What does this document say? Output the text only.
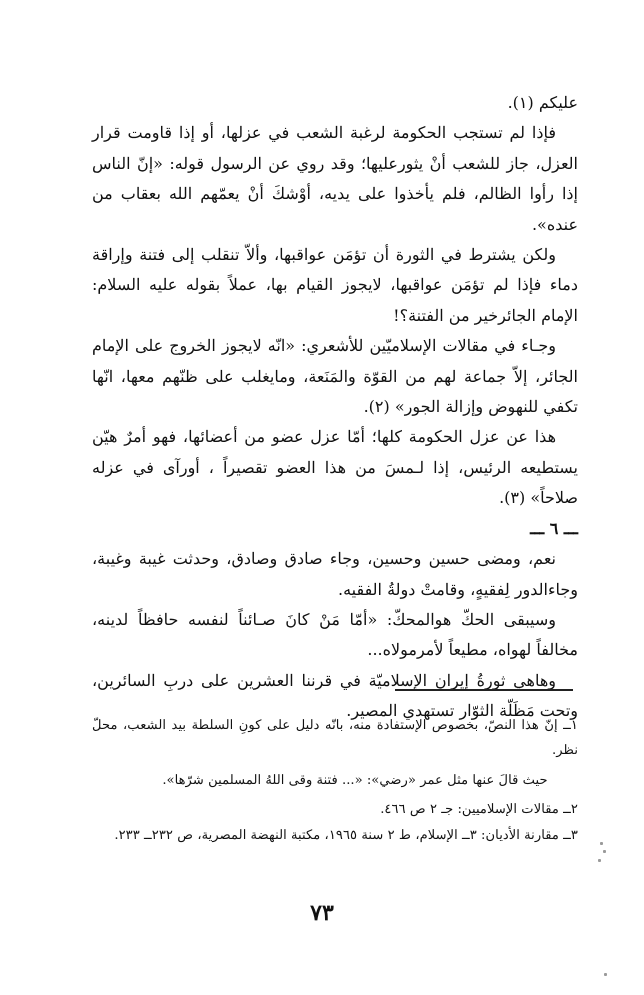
عليكم (١).

فإذا لم تستجب الحكومة لرغبة الشعب في عزلها، أو إذا قاومت قرار العزل، جاز للشعب أنْ يثورعليها؛ وقد روي عن الرسول قوله: «إنّ الناس إذا رأوا الظالم، فلم يأخذوا على يديه، أوْشكَ أنْ يعمّهم الله بعقاب من عنده».

ولكن يشترط في الثورة أن تؤمَن عواقبها، وألاّ تنقلب إلى فتنة وإراقة دماء فإذا لم تؤمَن عواقبها، لايجوز القيام بها، عملاً بقوله عليه السلام: الإمام الجائرخير من الفتنة؟!

وجـاء في مقالات الإسلاميّين للأشعري: «انّه لايجوز الخروج على الإمام الجائر، إلاّ جماعة لهم من القوّة والمَنَعة، ومايغلب على ظنّهم معها، انّها تكفي للنهوض وإزالة الجور» (٢).

هذا عن عزل الحكومة كلها؛ أمّا عزل عضو من أعضائها، فهو أمرٌ هيّن يستطيعه الرئيس، إذا لـمسَ من هذا العضو تقصيراً ، أورآى في عزله صلاحاً» (٣).

ـــ ٦ ـــ

نعم، ومضى حسين وحسين، وجاء صادق وصادق، وحدثت غيبة وغيبة، وجاءالدور لِفقيهٍ، وقامتْ دولةُ الفقيه.

وسيبقى الحكّ هوالمحكّ: «أمّا مَنْ كانَ صـائناً لنفسه حافظاً لدينه، مخالفاً لهواه، مطيعاً لأمرمولاه...

وهاهي ثورةُ إيران الإسلاميّة في قرننا العشرين على دربِ السائرين، وتحت مَظَلّة الثوّار تستهدي المصير.

١ــ إنّ هذا النصّ، بخصوص الإستفادة منه، بانّه دليل على كونِ السلطة بيد الشعب، محلّ نظر.

حيث قالَ عنها مثل عمر «رضي»: «... فتنة وقى اللهُ المسلمين شرّها».

٢ــ مقالات الإسلاميين: جـ ٢ ص ٤٦٦.

٣ــ مقارنة الأديان: ٣ــ الإسلام، ط ٢ سنة ١٩٦٥، مكتبة النهضة المصرية، ص ٢٣٢ــ ٢٣٣.

٧٣
